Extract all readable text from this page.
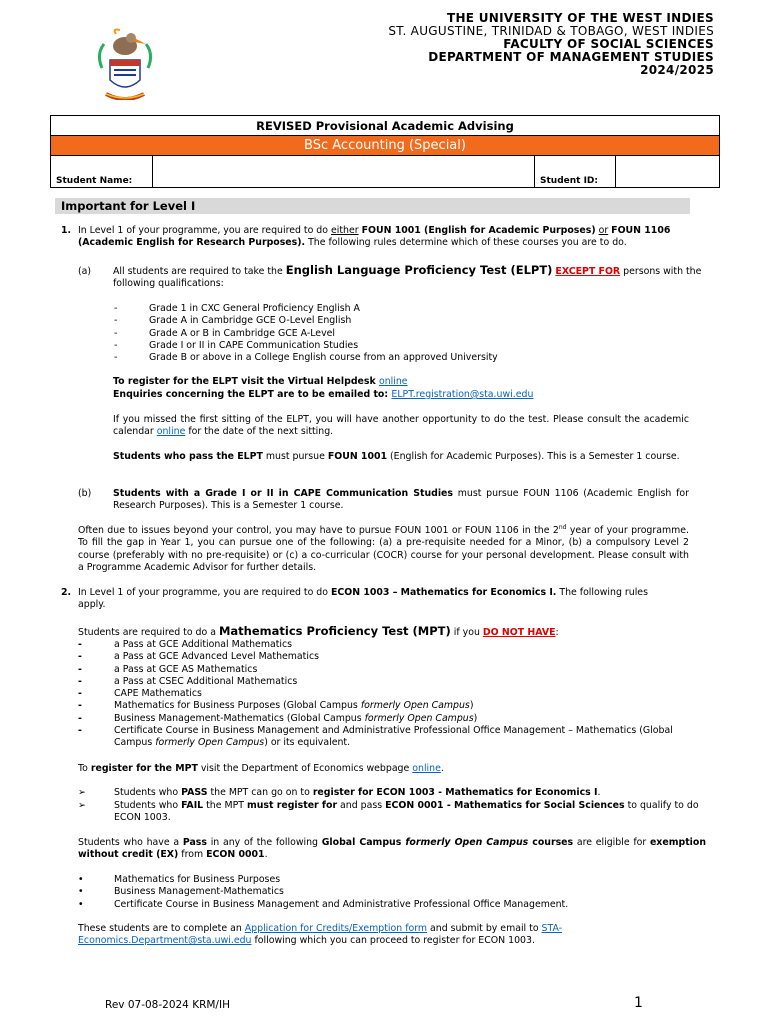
THE UNIVERSITY OF THE WEST INDIES
ST. AUGUSTINE, TRINIDAD & TOBAGO, WEST INDIES
FACULTY OF SOCIAL SCIENCES
DEPARTMENT OF MANAGEMENT STUDIES
2024/2025
REVISED Provisional Academic Advising
BSc Accounting (Special)
Student Name:		Student ID:	
Important for Level I
1. In Level 1 of your programme, you are required to do either FOUN 1001 (English for Academic Purposes) or FOUN 1106 (Academic English for Research Purposes). The following rules determine which of these courses you are to do.
(a) All students are required to take the English Language Proficiency Test (ELPT) EXCEPT FOR persons with the following qualifications:
-
-
-
-
-
Grade 1 in CXC General Proficiency English A
Grade A in Cambridge GCE O-Level English
Grade A or B in Cambridge GCE A-Level
Grade I or II in CAPE Communication Studies
Grade B or above in a College English course from an approved University
To register for the ELPT visit the Virtual Helpdesk online
Enquiries concerning the ELPT are to be emailed to: ELPT.registration@sta.uwi.edu
If you missed the first sitting of the ELPT, you will have another opportunity to do the test. Please consult the academic calendar online for the date of the next sitting.
Students who pass the ELPT must pursue FOUN 1001 (English for Academic Purposes). This is a Semester 1 course.
(b) Students with a Grade I or II in CAPE Communication Studies must pursue FOUN 1106 (Academic English for Research Purposes). This is a Semester 1 course.
Often due to issues beyond your control, you may have to pursue FOUN 1001 or FOUN 1106 in the 2nd year of your programme. To fill the gap in Year 1, you can pursue one of the following: (a) a pre-requisite needed for a Minor, (b) a compulsory Level 2 course (preferably with no pre-requisite) or (c) a co-curricular (COCR) course for your personal development. Please consult with a Programme Academic Advisor for further details.
2. In Level 1 of your programme, you are required to do ECON 1003 – Mathematics for Economics I. The following rules apply.
Students are required to do a Mathematics Proficiency Test (MPT) if you DO NOT HAVE:
-
-
-
-
-
-
-
-
a Pass at GCE Additional Mathematics
a Pass at GCE Advanced Level Mathematics
a Pass at GCE AS Mathematics
a Pass at CSEC Additional Mathematics
CAPE Mathematics
Mathematics for Business Purposes (Global Campus formerly Open Campus)
Business Management-Mathematics (Global Campus formerly Open Campus)
Certificate Course in Business Management and Administrative Professional Office Management – Mathematics (Global Campus formerly Open Campus) or its equivalent.
To register for the MPT visit the Department of Economics webpage online.
➢	Students who PASS the MPT can go on to register for ECON 1003 - Mathematics for Economics I.
➢	Students who FAIL the MPT must register for and pass ECON 0001 - Mathematics for Social Sciences to qualify to do ECON 1003.
Students who have a Pass in any of the following Global Campus formerly Open Campus courses are eligible for exemption without credit (EX) from ECON 0001.
•
•
•
Mathematics for Business Purposes
Business Management-Mathematics
Certificate Course in Business Management and Administrative Professional Office Management.
These students are to complete an Application for Credits/Exemption form and submit by email to STA-Economics.Department@sta.uwi.edu following which you can proceed to register for ECON 1003.
Rev 07-08-2024 KRM/IH	1
